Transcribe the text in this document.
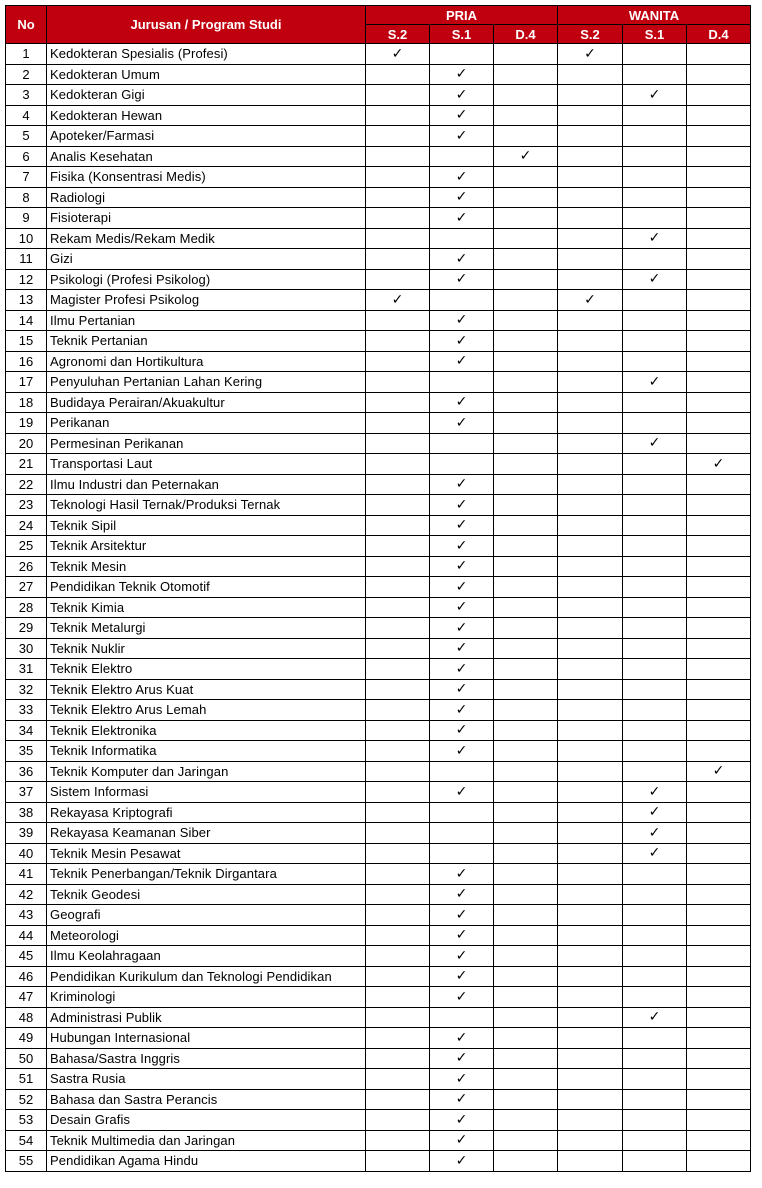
No	Jurusan / Program Studi	PRIA			WANITA		
		S.2	S.1	D.4	S.2	S.1	D.4
1	Kedokteran Spesialis (Profesi)	✓			✓		
2	Kedokteran Umum		✓				
3	Kedokteran Gigi		✓			✓	
4	Kedokteran Hewan		✓				
5	Apoteker/Farmasi		✓				
6	Analis Kesehatan			✓			
7	Fisika (Konsentrasi Medis)		✓				
8	Radiologi		✓				
9	Fisioterapi		✓				
10	Rekam Medis/Rekam Medik					✓	
11	Gizi		✓				
12	Psikologi (Profesi Psikolog)		✓			✓	
13	Magister Profesi Psikolog	✓			✓		
14	Ilmu Pertanian		✓				
15	Teknik Pertanian		✓				
16	Agronomi dan Hortikultura		✓				
17	Penyuluhan Pertanian Lahan Kering					✓	
18	Budidaya Perairan/Akuakultur		✓				
19	Perikanan		✓				
20	Permesinan Perikanan					✓	
21	Transportasi Laut						✓
22	Ilmu Industri dan Peternakan		✓				
23	Teknologi Hasil Ternak/Produksi Ternak		✓				
24	Teknik Sipil		✓				
25	Teknik Arsitektur		✓				
26	Teknik Mesin		✓				
27	Pendidikan Teknik Otomotif		✓				
28	Teknik Kimia		✓				
29	Teknik Metalurgi		✓				
30	Teknik Nuklir		✓				
31	Teknik Elektro		✓				
32	Teknik Elektro Arus Kuat		✓				
33	Teknik Elektro Arus Lemah		✓				
34	Teknik Elektronika		✓				
35	Teknik Informatika		✓				
36	Teknik Komputer dan Jaringan						✓
37	Sistem Informasi		✓			✓	
38	Rekayasa Kriptografi					✓	
39	Rekayasa Keamanan Siber					✓	
40	Teknik Mesin Pesawat					✓	
41	Teknik Penerbangan/Teknik Dirgantara		✓				
42	Teknik Geodesi		✓				
43	Geografi		✓				
44	Meteorologi		✓				
45	Ilmu Keolahragaan		✓				
46	Pendidikan Kurikulum dan Teknologi Pendidikan		✓				
47	Kriminologi		✓				
48	Administrasi Publik					✓	
49	Hubungan Internasional		✓				
50	Bahasa/Sastra Inggris		✓				
51	Sastra Rusia		✓				
52	Bahasa dan Sastra Perancis		✓				
53	Desain Grafis		✓				
54	Teknik Multimedia dan Jaringan		✓				
55	Pendidikan Agama Hindu		✓				
